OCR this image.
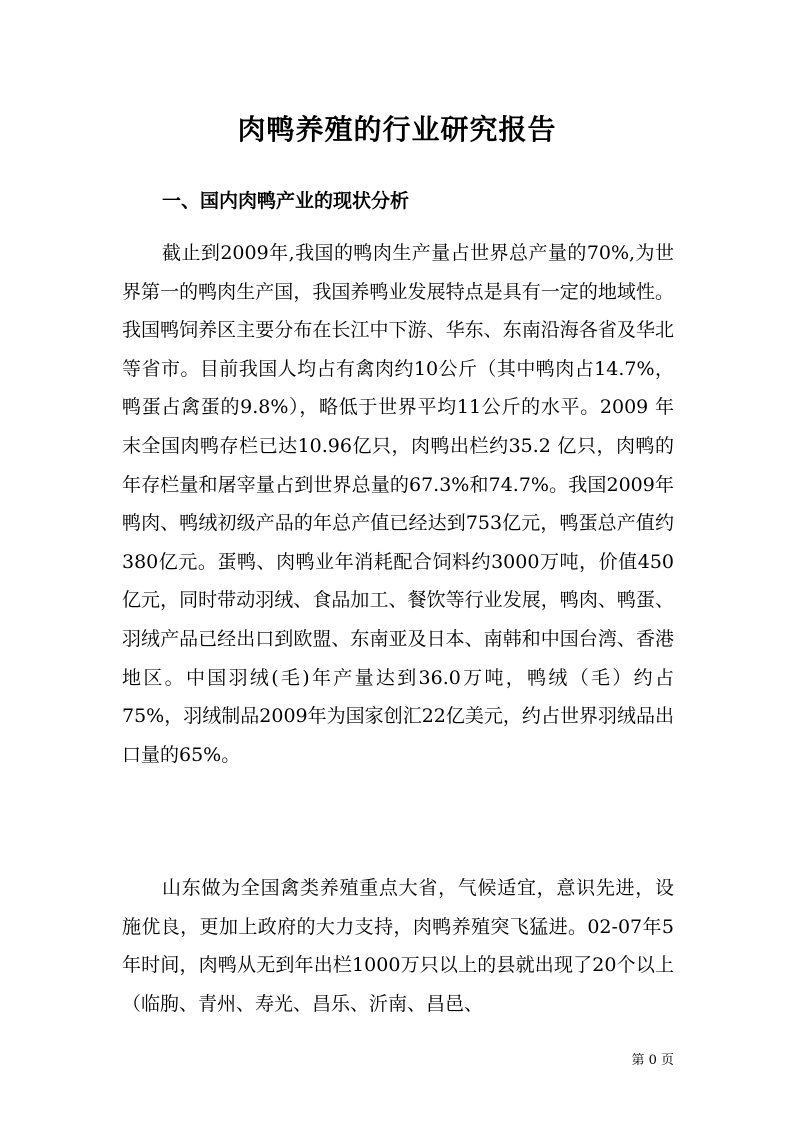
肉鸭养殖的行业研究报告
一、国内肉鸭产业的现状分析

截止到2009年,我国的鸭肉生产量占世界总产量的70%,为世界第一的鸭肉生产国，我国养鸭业发展特点是具有一定的地域性。我国鸭饲养区主要分布在长江中下游、华东、东南沿海各省及华北等省市。目前我国人均占有禽肉约10公斤（其中鸭肉占14.7%，鸭蛋占禽蛋的9.8%），略低于世界平均11公斤的水平。2009 年末全国肉鸭存栏已达10.96亿只，肉鸭出栏约35.2 亿只，肉鸭的年存栏量和屠宰量占到世界总量的67.3%和74.7%。我国2009年鸭肉、鸭绒初级产品的年总产值已经达到753亿元，鸭蛋总产值约380亿元。蛋鸭、肉鸭业年消耗配合饲料约3000万吨，价值450亿元，同时带动羽绒、食品加工、餐饮等行业发展，鸭肉、鸭蛋、羽绒产品已经出口到欧盟、东南亚及日本、南韩和中国台湾、香港地区。中国羽绒(毛)年产量达到36.0万吨，鸭绒（毛）约占75%，羽绒制品2009年为国家创汇22亿美元，约占世界羽绒品出口量的65%。

山东做为全国禽类养殖重点大省，气候适宜，意识先进，设施优良，更加上政府的大力支持，肉鸭养殖突飞猛进。02-07年5年时间，肉鸭从无到年出栏1000万只以上的县就出现了20个以上（临朐、青州、寿光、昌乐、沂南、昌邑、

第 0 页
